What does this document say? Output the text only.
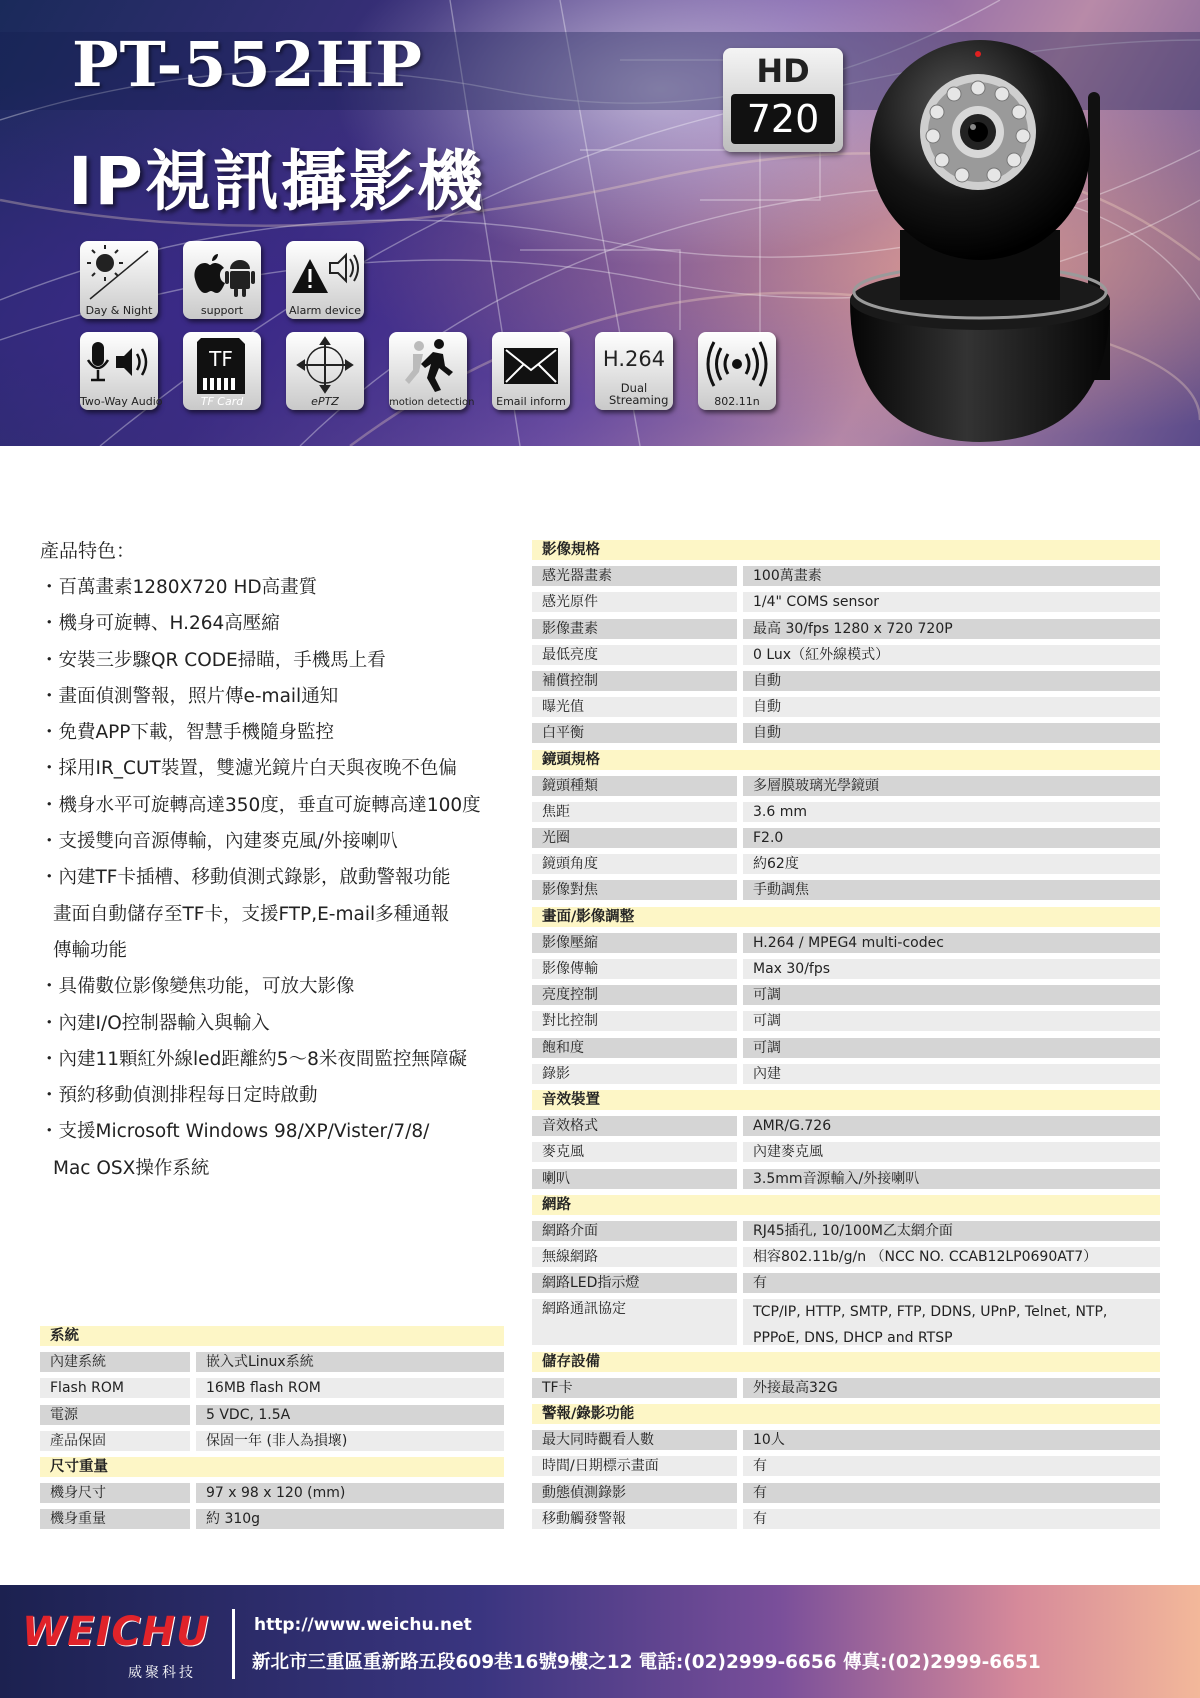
PT-552HP
IP視訊攝影機
HD
720
Day & Night	support	Alarm device
Two-Way Audio
TF
TF Card	ePTZ	motion detection	Email inform
H.264
Dual Streaming	802.11n
產品特色：
・百萬畫素1280X720 HD高畫質
・機身可旋轉、H.264高壓縮
・安裝三步驟QR CODE掃瞄，手機馬上看
・畫面偵測警報，照片傳e-mail通知
・免費APP下載，智慧手機隨身監控
・採用IR_CUT裝置，雙濾光鏡片白天與夜晚不色偏
・機身水平可旋轉高達350度，垂直可旋轉高達100度
・支援雙向音源傳輸，內建麥克風/外接喇叭
・內建TF卡插槽、移動偵測式錄影，啟動警報功能
畫面自動儲存至TF卡，支援FTP,E-mail多種通報
傳輸功能
・具備數位影像變焦功能，可放大影像
・內建I/O控制器輸入與輸入
・內建11顆紅外線led距離約5～8米夜間監控無障礙
・預約移動偵測排程每日定時啟動
・支援Microsoft Windows 98/XP/Vister/7/8/
Mac OSX操作系統
系統
內建系統	嵌入式Linux系統
Flash ROM	16MB flash ROM
電源	5 VDC, 1.5A
產品保固	保固一年 (非人為損壞)
尺寸重量
機身尺寸	97 x 98 x 120 (mm)
機身重量	約 310g
影像規格
感光器畫素	100萬畫素
感光原件	1/4" COMS sensor
影像畫素	最高 30/fps 1280 x 720 720P
最低亮度	0 Lux（紅外線模式）
補償控制	自動
曝光值	自動
白平衡	自動
鏡頭規格
鏡頭種類	多層膜玻璃光學鏡頭
焦距	3.6 mm
光圈	F2.0
鏡頭角度	約62度
影像對焦	手動調焦
畫面/影像調整
影像壓縮	H.264 / MPEG4 multi-codec
影像傳輸	Max 30/fps
亮度控制	可調
對比控制	可調
飽和度	可調
錄影	內建
音效裝置
音效格式	AMR/G.726
麥克風	內建麥克風
喇叭	3.5mm音源輸入/外接喇叭
網路
網路介面	RJ45插孔, 10/100M乙太網介面
無線網路	相容802.11b/g/n （NCC NO. CCAB12LP0690AT7）
網路LED指示燈	有
網路通訊協定	TCP/IP, HTTP, SMTP, FTP, DDNS, UPnP, Telnet, NTP,
PPPoE, DNS, DHCP and RTSP
儲存設備
TF卡	外接最高32G
警報/錄影功能
最大同時觀看人數	10人
時間/日期標示畫面	有
動態偵測錄影	有
移動觸發警報	有
WEICHU
威聚科技
http://www.weichu.net
新北市三重區重新路五段609巷16號9樓之12 電話:(02)2999-6656 傳真:(02)2999-6651
